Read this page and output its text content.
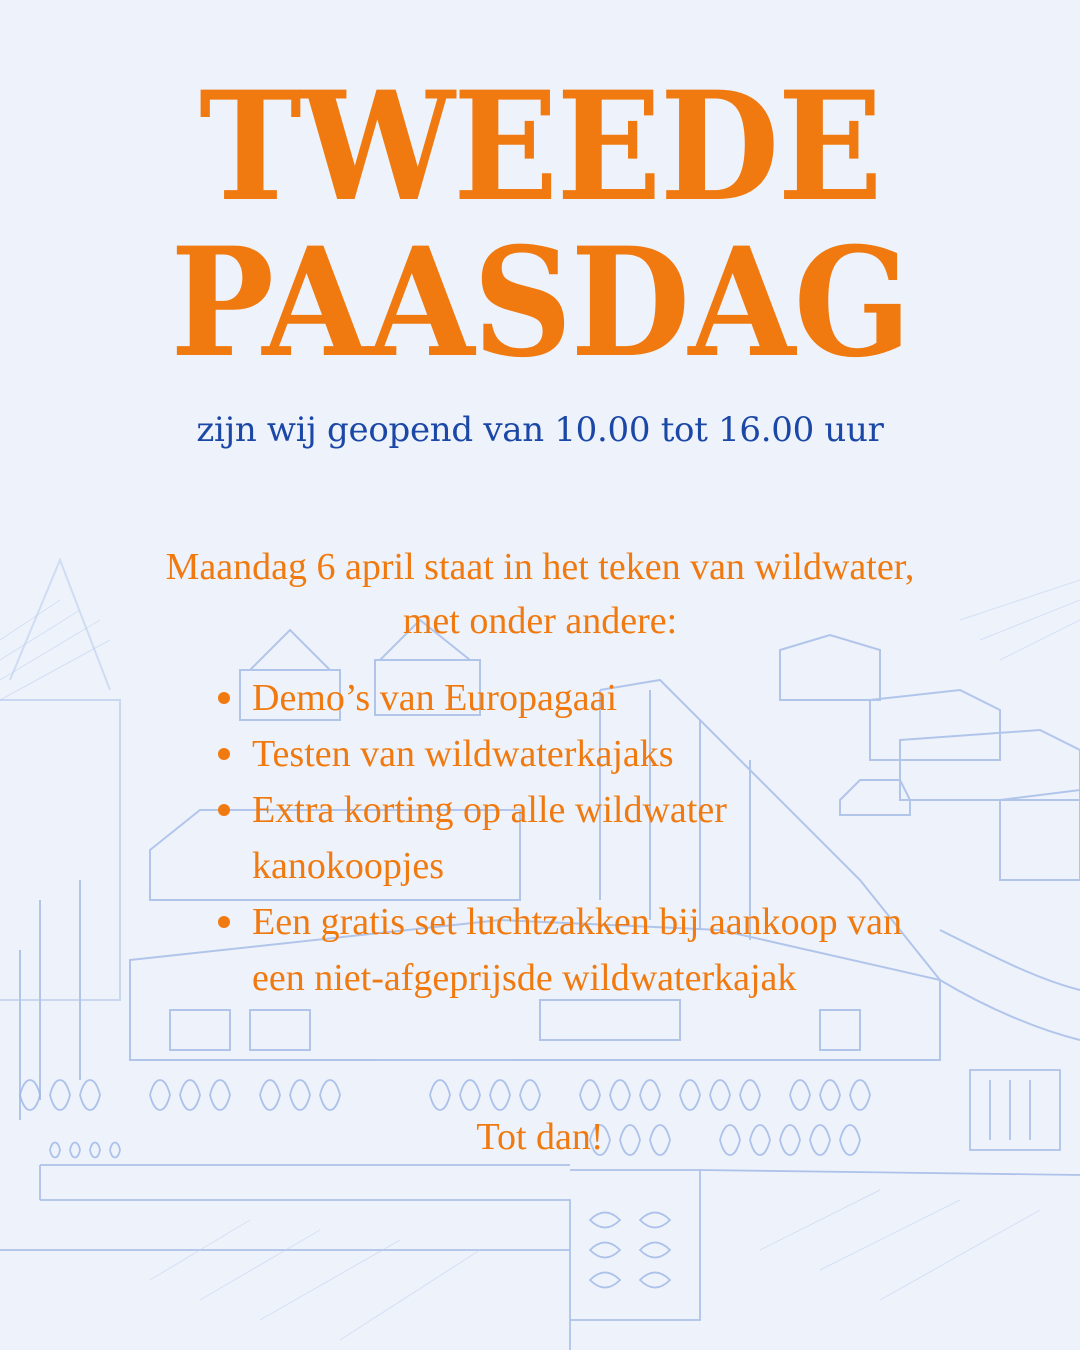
TWEEDE
PAASDAG

zijn wij geopend van 10.00 tot 16.00 uur

Maandag 6 april staat in het teken van wildwater, met onder andere:

Demo’s van Europagaai
Testen van wildwaterkajaks
Extra korting op alle wildwater kanokoopjes
Een gratis set luchtzakken bij aankoop van een niet-afgeprijsde wildwaterkajak

Tot dan!
